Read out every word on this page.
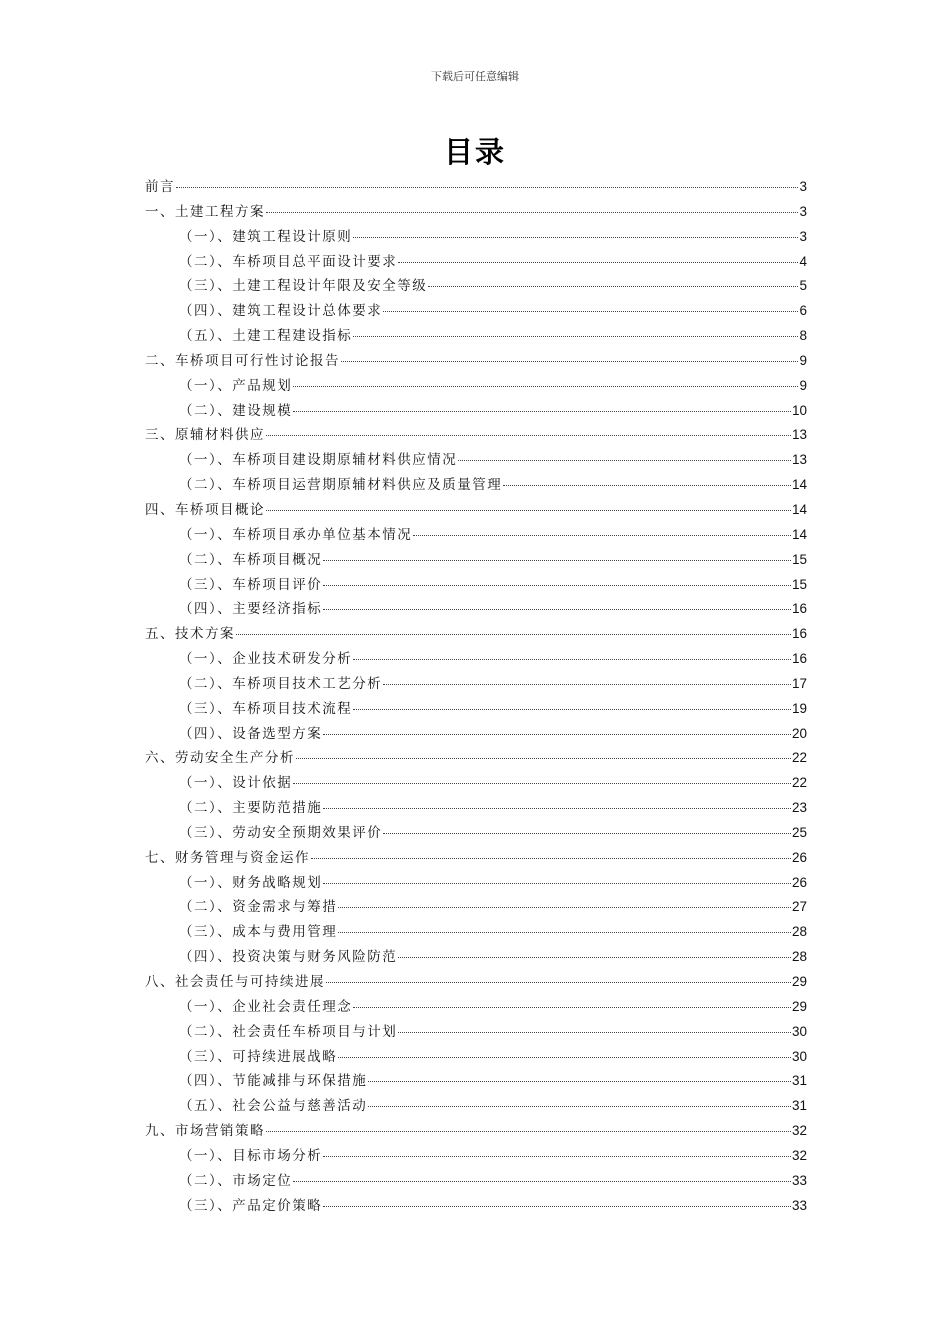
下载后可任意编辑
目录
前言	3
一、土建工程方案	3
（一）、建筑工程设计原则	3
（二）、车桥项目总平面设计要求	4
（三）、土建工程设计年限及安全等级	5
（四）、建筑工程设计总体要求	6
（五）、土建工程建设指标	8
二、车桥项目可行性讨论报告	9
（一）、产品规划	9
（二）、建设规模	10
三、原辅材料供应	13
（一）、车桥项目建设期原辅材料供应情况	13
（二）、车桥项目运营期原辅材料供应及质量管理	14
四、车桥项目概论	14
（一）、车桥项目承办单位基本情况	14
（二）、车桥项目概况	15
（三）、车桥项目评价	15
（四）、主要经济指标	16
五、技术方案	16
（一）、企业技术研发分析	16
（二）、车桥项目技术工艺分析	17
（三）、车桥项目技术流程	19
（四）、设备选型方案	20
六、劳动安全生产分析	22
（一）、设计依据	22
（二）、主要防范措施	23
（三）、劳动安全预期效果评价	25
七、财务管理与资金运作	26
（一）、财务战略规划	26
（二）、资金需求与筹措	27
（三）、成本与费用管理	28
（四）、投资决策与财务风险防范	28
八、社会责任与可持续进展	29
（一）、企业社会责任理念	29
（二）、社会责任车桥项目与计划	30
（三）、可持续进展战略	30
（四）、节能减排与环保措施	31
（五）、社会公益与慈善活动	31
九、市场营销策略	32
（一）、目标市场分析	32
（二）、市场定位	33
（三）、产品定价策略	33
